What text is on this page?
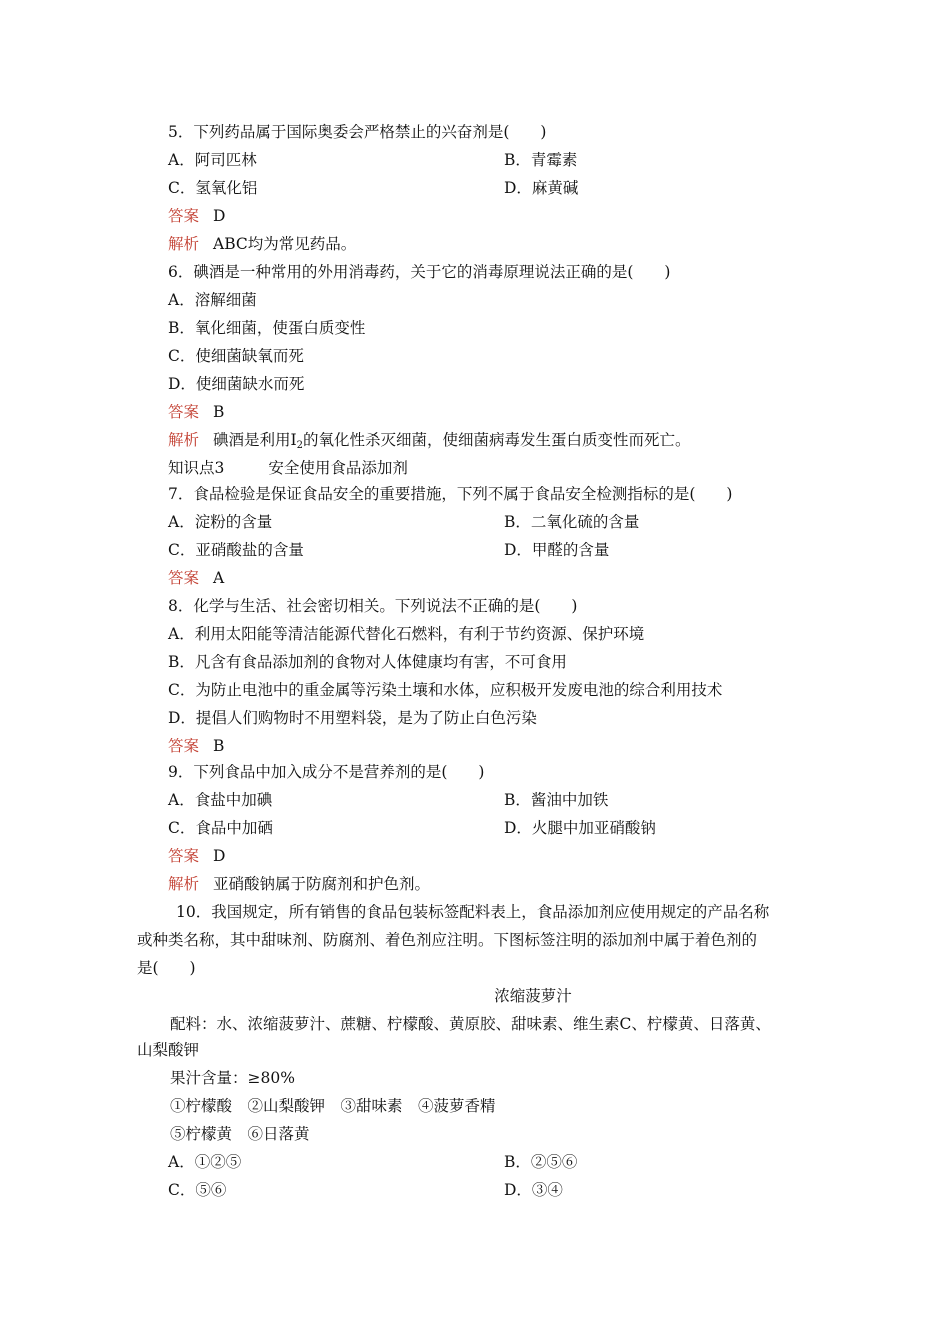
5．下列药品属于国际奥委会严格禁止的兴奋剂是(　　)
A．阿司匹林	B．青霉素
C．氢氧化铝	D．麻黄碱
答案 D
解析 ABC均为常见药品。
6．碘酒是一种常用的外用消毒药，关于它的消毒原理说法正确的是(　　)
A．溶解细菌
B．氧化细菌，使蛋白质变性
C．使细菌缺氧而死
D．使细菌缺水而死
答案 B
解析 碘酒是利用$I_2$的氧化性杀灭细菌，使细菌病毒发生蛋白质变性而死亡。
知识点3	安全使用食品添加剂
7．食品检验是保证食品安全的重要措施，下列不属于食品安全检测指标的是(　　)
A．淀粉的含量	B．二氧化硫的含量
C．亚硝酸盐的含量	D．甲醛的含量
答案 A
8．化学与生活、社会密切相关。下列说法不正确的是(　　)
A．利用太阳能等清洁能源代替化石燃料，有利于节约资源、保护环境
B．凡含有食品添加剂的食物对人体健康均有害，不可食用
C．为防止电池中的重金属等污染土壤和水体，应积极开发废电池的综合利用技术
D．提倡人们购物时不用塑料袋，是为了防止白色污染
答案 B
9．下列食品中加入成分不是营养剂的是(　　)
A．食盐中加碘	B．酱油中加铁
C．食品中加硒	D．火腿中加亚硝酸钠
答案 D
解析 亚硝酸钠属于防腐剂和护色剂。
10．我国规定，所有销售的食品包装标签配料表上，食品添加剂应使用规定的产品名称
或种类名称，其中甜味剂、防腐剂、着色剂应注明。下图标签注明的添加剂中属于着色剂的
是(　　)
浓缩菠萝汁
配料：水、浓缩菠萝汁、蔗糖、柠檬酸、黄原胶、甜味素、维生素C、柠檬黄、日落黄、
山梨酸钾
果汁含量：≥80%
①柠檬酸　②山梨酸钾　③甜味素　④菠萝香精
⑤柠檬黄　⑥日落黄
A．①②⑤	B．②⑤⑥
C．⑤⑥	D．③④
